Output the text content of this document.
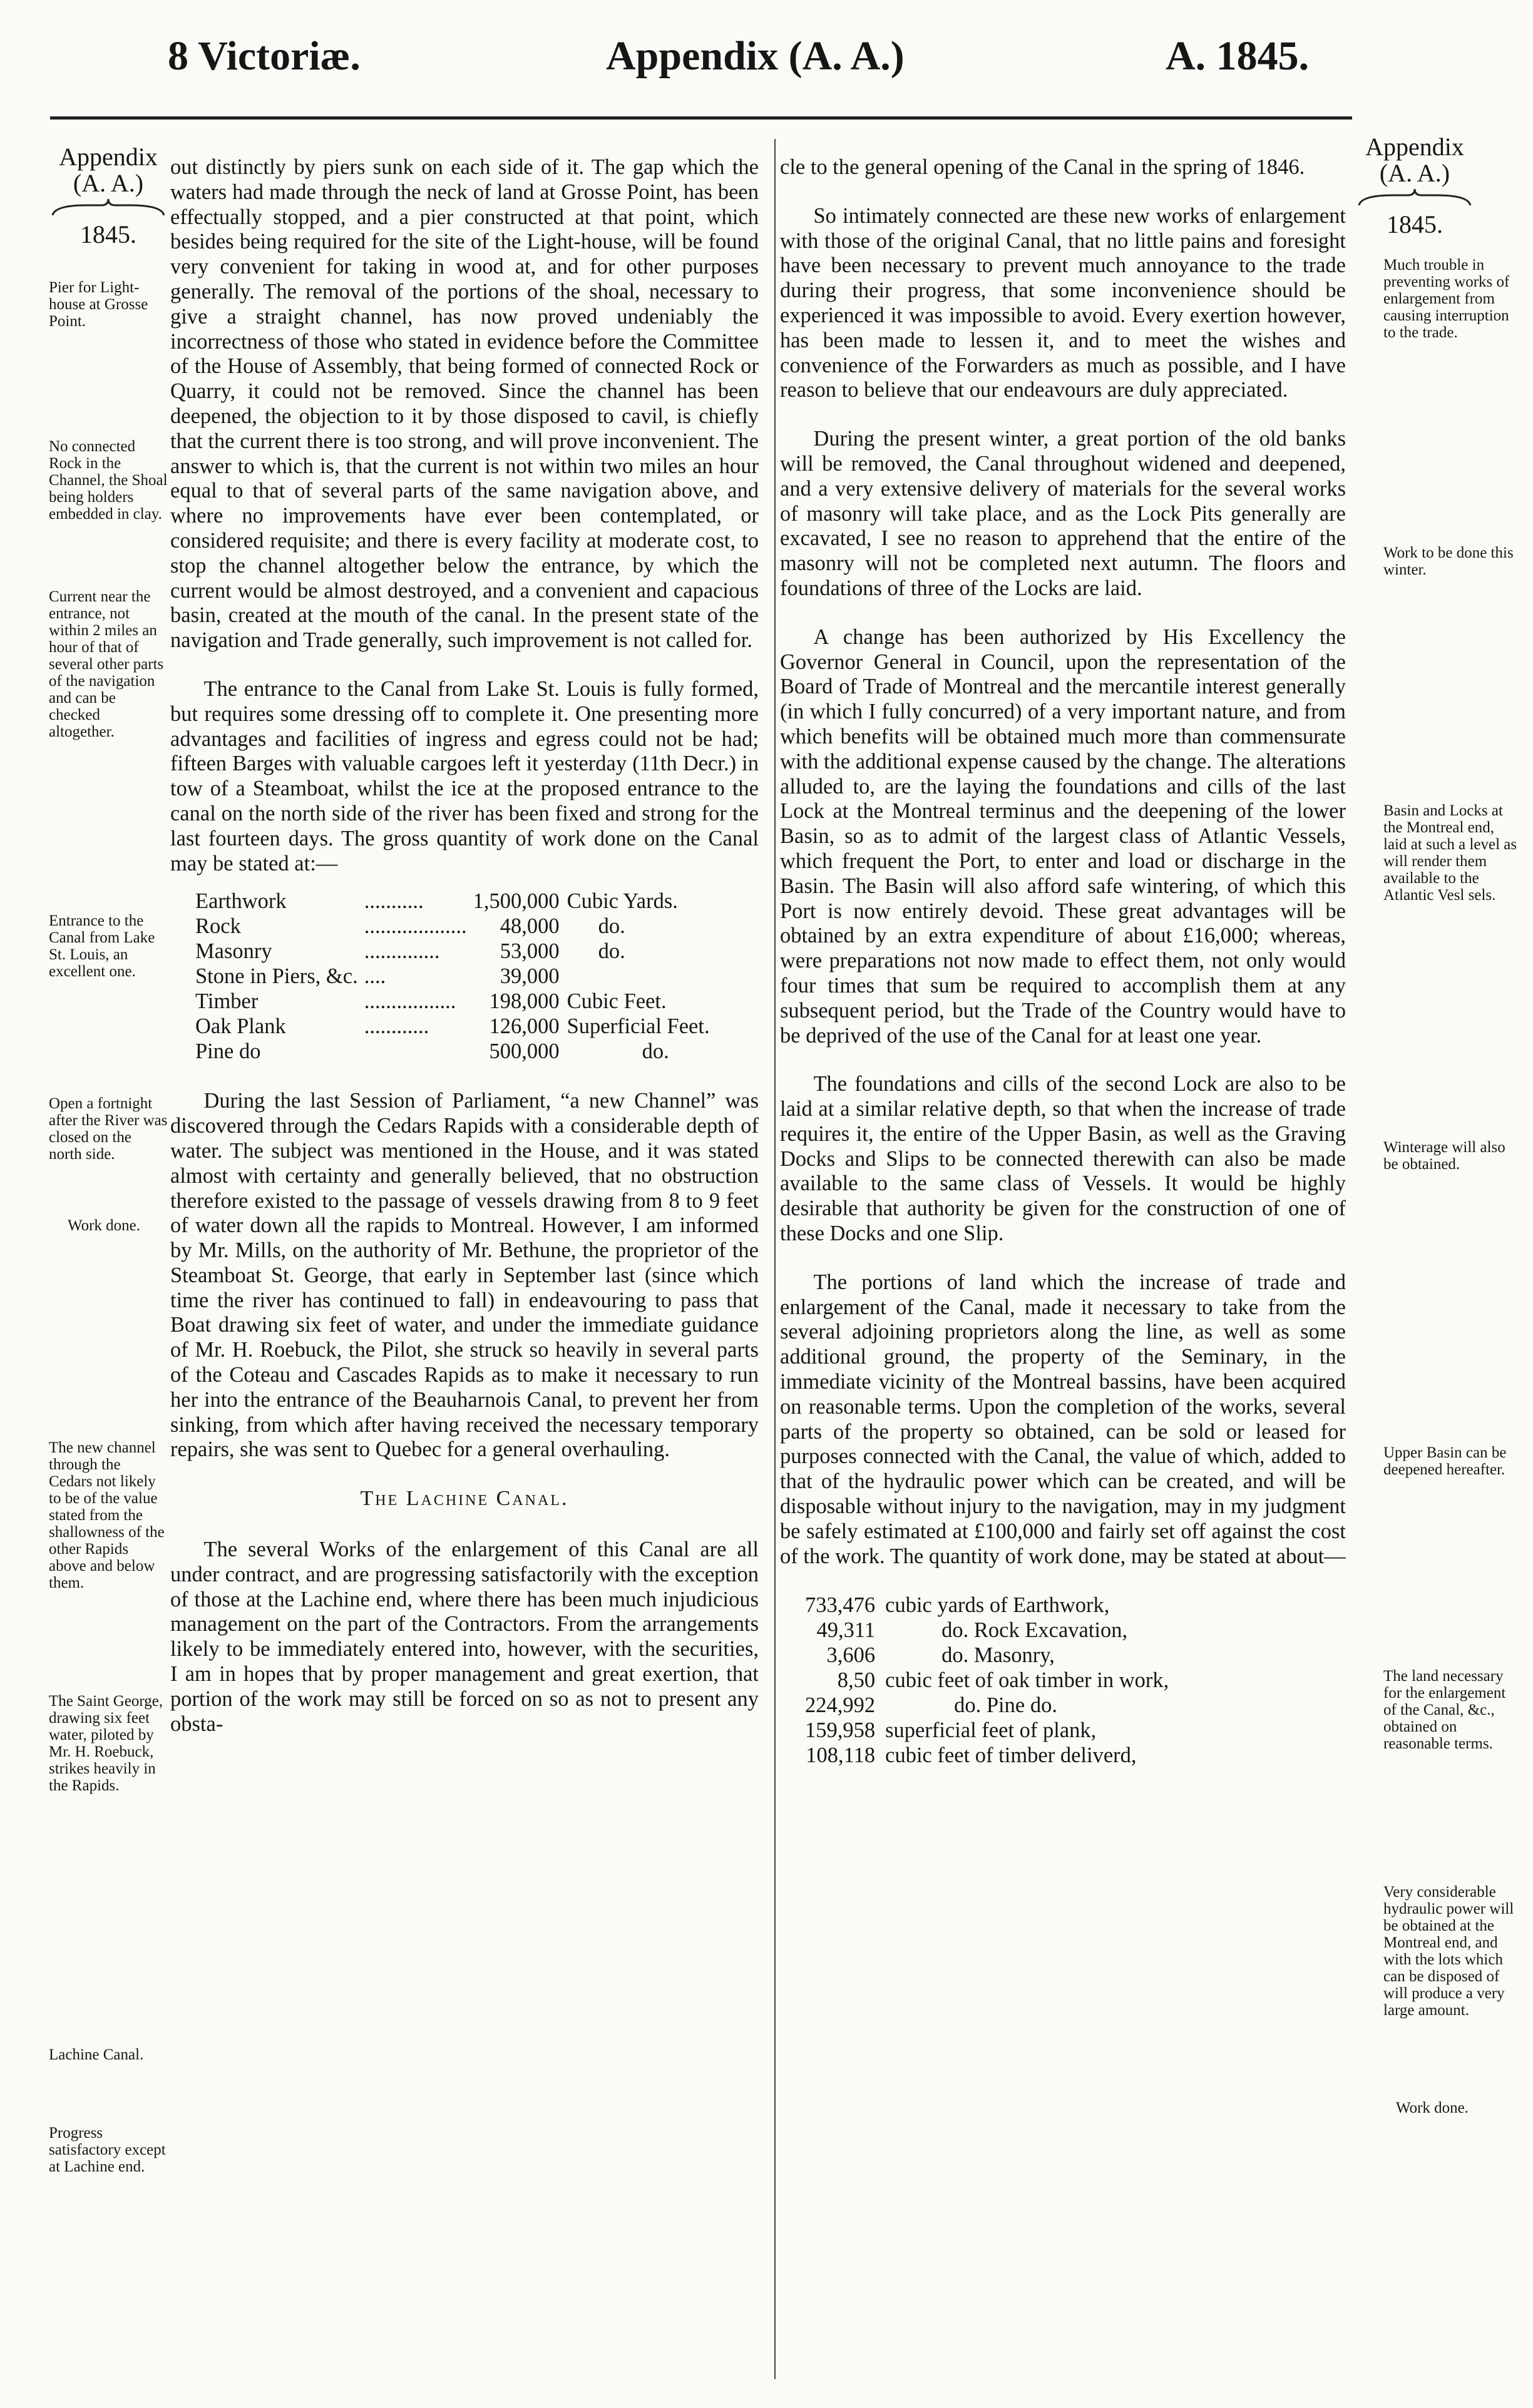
8 Victoriæ.	Appendix (A. A.)	A. 1845.
Appendix
(A. A.)
1845.
Appendix
(A. A.)
1845.
Pier for Light-house at Grosse Point.
No connected Rock in the Channel, the Shoal being holders embedded in clay.
Current near the entrance, not within 2 miles an hour of that of several other parts of the navigation and can be checked altogether.
Entrance to the Canal from Lake St. Louis, an excellent one.
Open a fortnight after the River was closed on the north side.
Work done.
The new channel through the Cedars not likely to be of the value stated from the shallowness of the other Rapids above and below them.
The Saint George, drawing six feet water, piloted by Mr. H. Roebuck, strikes heavily in the Rapids.
Lachine Canal.
Progress satisfactory except at Lachine end.

out distinctly by piers sunk on each side of it. The gap which the waters had made through the neck of land at Grosse Point, has been effectually stopped, and a pier constructed at that point, which besides being required for the site of the Light-house, will be found very convenient for taking in wood at, and for other purposes generally. The removal of the portions of the shoal, necessary to give a straight channel, has now proved undeniably the incorrectness of those who stated in evidence before the Committee of the House of Assembly, that being formed of connected Rock or Quarry, it could not be removed. Since the channel has been deepened, the objection to it by those disposed to cavil, is chiefly that the current there is too strong, and will prove inconvenient. The answer to which is, that the current is not within two miles an hour equal to that of several parts of the same navigation above, and where no improvements have ever been contemplated, or considered requisite; and there is every facility at moderate cost, to stop the channel altogether below the entrance, by which the current would be almost destroyed, and a convenient and capacious basin, created at the mouth of the canal. In the present state of the navigation and Trade generally, such improvement is not called for.

The entrance to the Canal from Lake St. Louis is fully formed, but requires some dressing off to complete it. One presenting more advantages and facilities of ingress and egress could not be had; fifteen Barges with valuable cargoes left it yesterday (11th Decr.) in tow of a Steamboat, whilst the ice at the proposed entrance to the canal on the north side of the river has been fixed and strong for the last fourteen days. The gross quantity of work done on the Canal may be stated at:—

Earthwork	...........	1,500,000	Cubic Yards.
Rock	...................	48,000	do.
Masonry	..............	53,000	do.
Stone in Piers, &c.	....	39,000	
Timber	.................	198,000	Cubic Feet.
Oak Plank	............	126,000	Superficial Feet.
Pine do		500,000	do.

During the last Session of Parliament, “a new Channel” was discovered through the Cedars Rapids with a considerable depth of water. The subject was mentioned in the House, and it was stated almost with certainty and generally believed, that no obstruction therefore existed to the passage of vessels drawing from 8 to 9 feet of water down all the rapids to Montreal. However, I am informed by Mr. Mills, on the authority of Mr. Bethune, the proprietor of the Steamboat St. George, that early in September last (since which time the river has continued to fall) in endeavouring to pass that Boat drawing six feet of water, and under the immediate guidance of Mr. H. Roebuck, the Pilot, she struck so heavily in several parts of the Coteau and Cascades Rapids as to make it necessary to run her into the entrance of the Beauharnois Canal, to prevent her from sinking, from which after having received the necessary temporary repairs, she was sent to Quebec for a general overhauling.

The Lachine Canal.

The several Works of the enlargement of this Canal are all under contract, and are progressing satisfactorily with the exception of those at the Lachine end, where there has been much injudicious management on the part of the Contractors. From the arrangements likely to be immediately entered into, however, with the securities, I am in hopes that by proper management and great exertion, that portion of the work may still be forced on so as not to present any obsta-

cle to the general opening of the Canal in the spring of 1846.

So intimately connected are these new works of enlargement with those of the original Canal, that no little pains and foresight have been necessary to prevent much annoyance to the trade during their progress, that some inconvenience should be experienced it was impossible to avoid. Every exertion however, has been made to lessen it, and to meet the wishes and convenience of the Forwarders as much as possible, and I have reason to believe that our endeavours are duly appreciated.

During the present winter, a great portion of the old banks will be removed, the Canal throughout widened and deepened, and a very extensive delivery of materials for the several works of masonry will take place, and as the Lock Pits generally are excavated, I see no reason to apprehend that the entire of the masonry will not be completed next autumn. The floors and foundations of three of the Locks are laid.

A change has been authorized by His Excellency the Governor General in Council, upon the representation of the Board of Trade of Montreal and the mercantile interest generally (in which I fully concurred) of a very important nature, and from which benefits will be obtained much more than commensurate with the additional expense caused by the change. The alterations alluded to, are the laying the foundations and cills of the last Lock at the Montreal terminus and the deepening of the lower Basin, so as to admit of the largest class of Atlantic Vessels, which frequent the Port, to enter and load or discharge in the Basin. The Basin will also afford safe wintering, of which this Port is now entirely devoid. These great advantages will be obtained by an extra expenditure of about £16,000; whereas, were preparations not now made to effect them, not only would four times that sum be required to accomplish them at any subsequent period, but the Trade of the Country would have to be deprived of the use of the Canal for at least one year.

The foundations and cills of the second Lock are also to be laid at a similar relative depth, so that when the increase of trade requires it, the entire of the Upper Basin, as well as the Graving Docks and Slips to be connected therewith can also be made available to the same class of Vessels. It would be highly desirable that authority be given for the construction of one of these Docks and one Slip.

The portions of land which the increase of trade and enlargement of the Canal, made it necessary to take from the several adjoining proprietors along the line, as well as some additional ground, the property of the Seminary, in the immediate vicinity of the Montreal bassins, have been acquired on reasonable terms. Upon the completion of the works, several parts of the property so obtained, can be sold or leased for purposes connected with the Canal, the value of which, added to that of the hydraulic power which can be created, and will be disposable without injury to the navigation, may in my judgment be safely estimated at £100,000 and fairly set off against the cost of the work. The quantity of work done, may be stated at about—

733,476	cubic yards of Earthwork,
49,311	do. Rock Excavation,
3,606	do. Masonry,
8,50	cubic feet of oak timber in work,
224,992	do. Pine do.
159,958	superficial feet of plank,
108,118	cubic feet of timber deliverd,
Much trouble in preventing works of enlargement from causing interruption to the trade.
Work to be done this winter.
Basin and Locks at the Montreal end, laid at such a level as will render them available to the Atlantic Vesl sels.
Winterage will also be obtained.
Upper Basin can be deepened hereafter.
The land necessary for the enlargement of the Canal, &c., obtained on reasonable terms.
Very considerable hydraulic power will be obtained at the Montreal end, and with the lots which can be disposed of will produce a very large amount.
Work done.
